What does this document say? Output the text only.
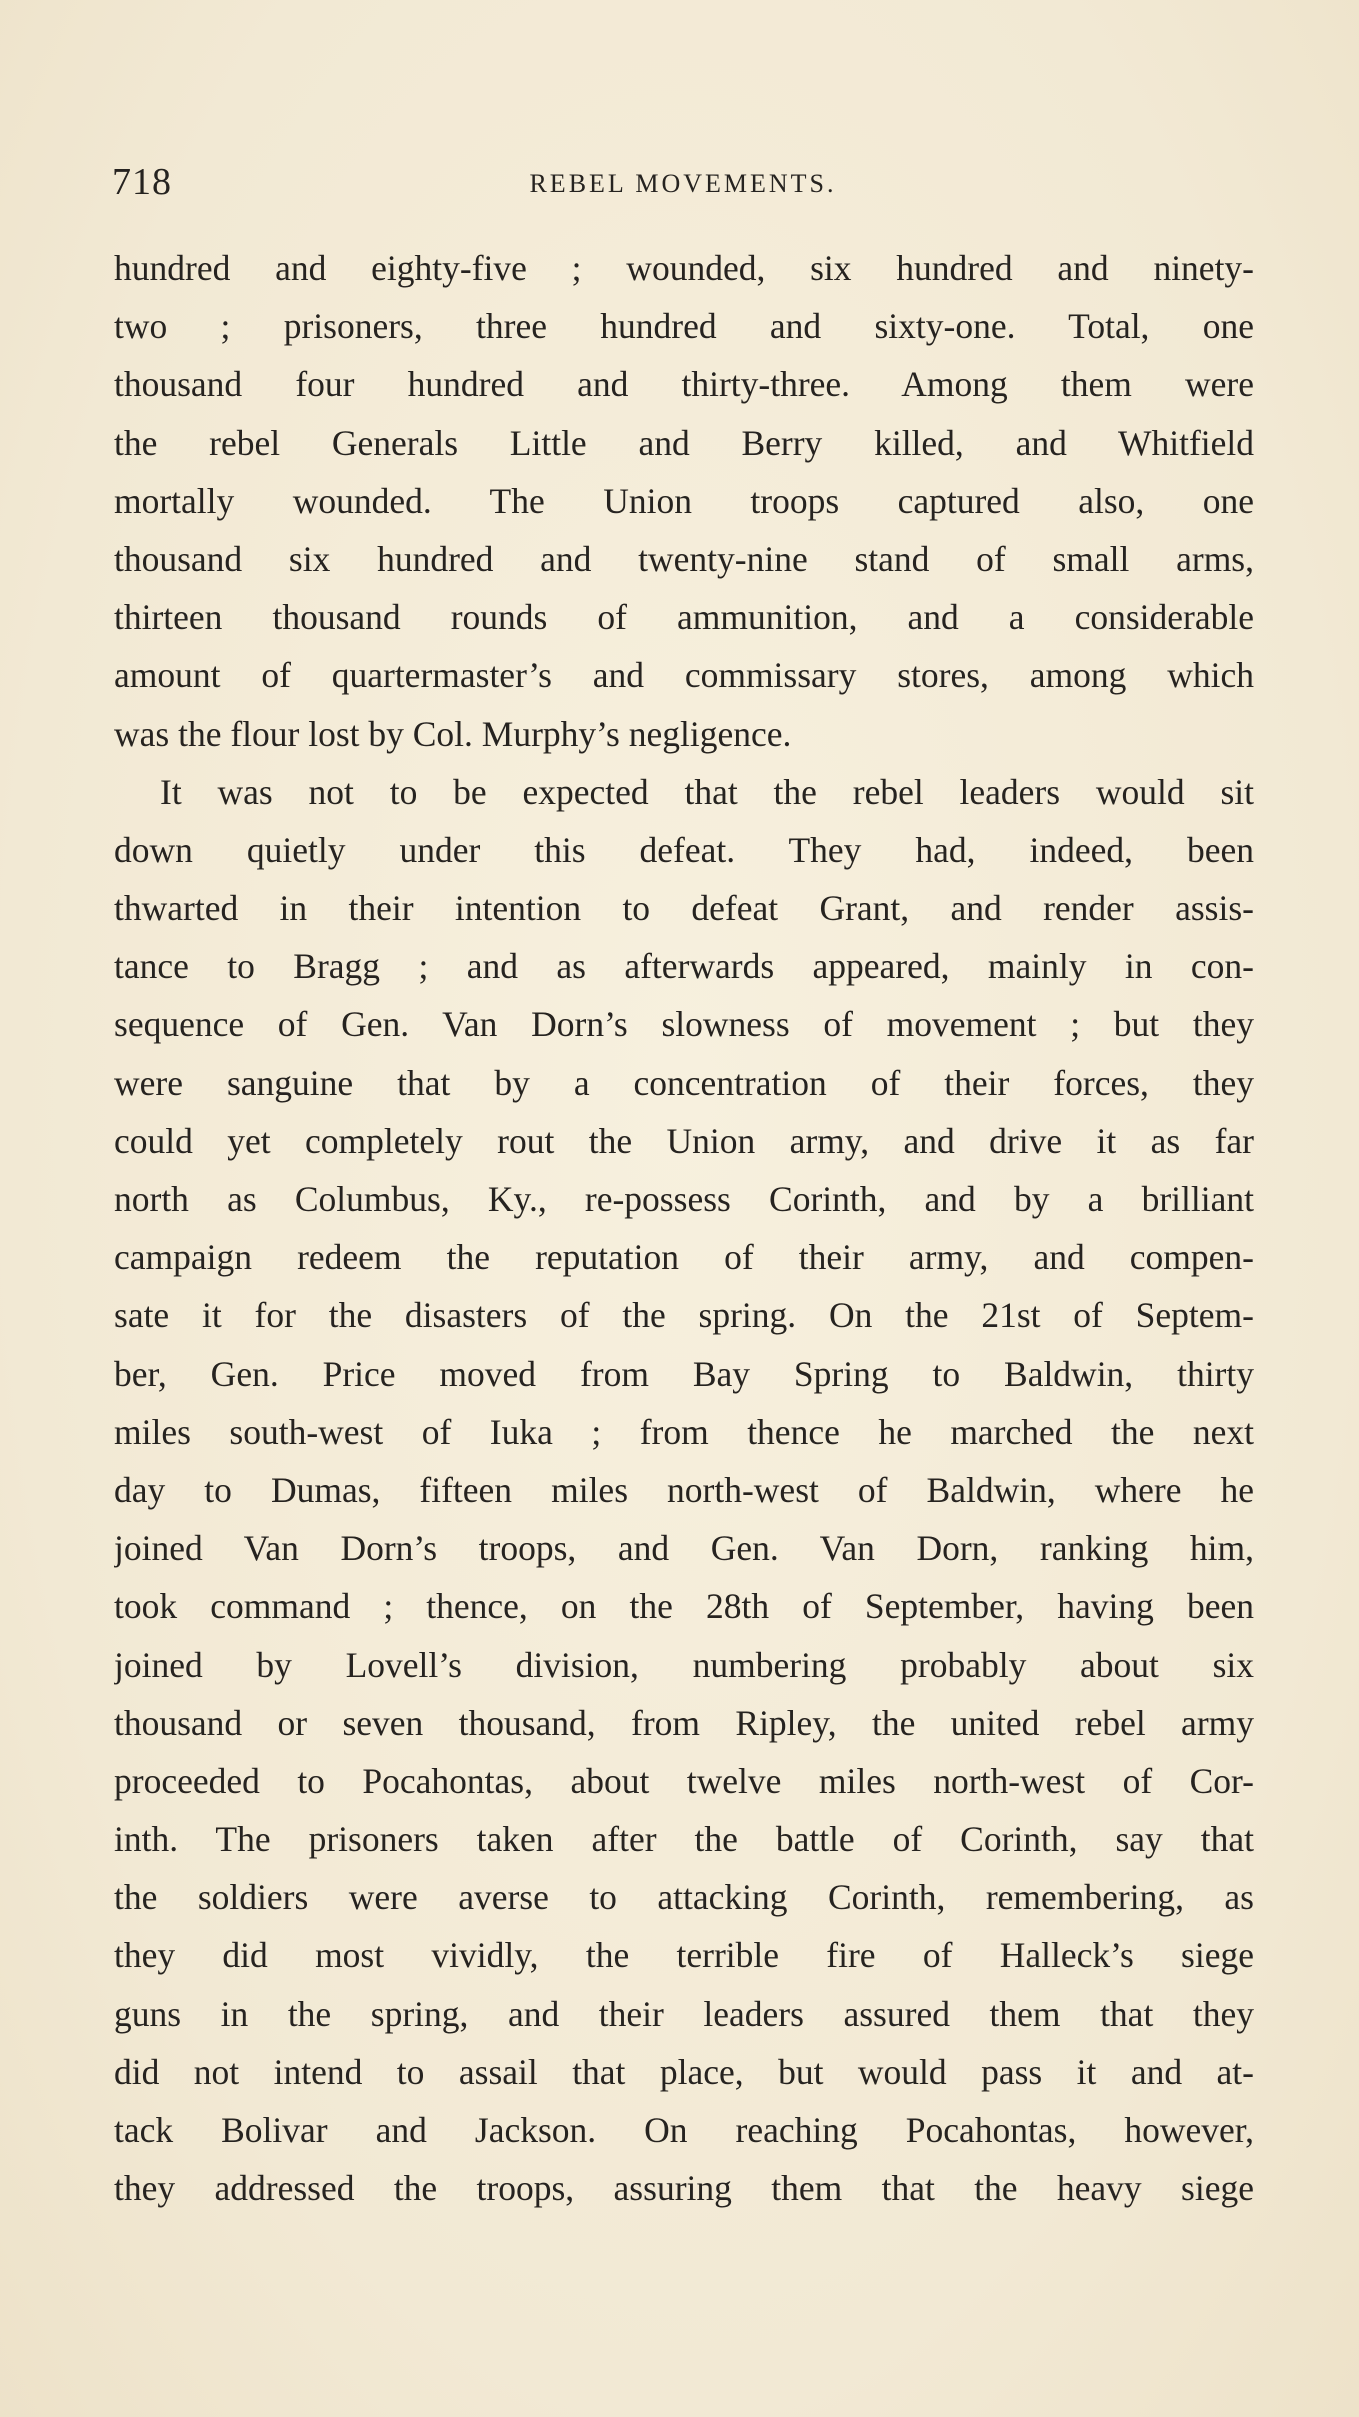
718	REBEL MOVEMENTS.
hundred and eighty-five ; wounded, six hundred and ninety-
two ; prisoners, three hundred and sixty-one. Total, one
thousand four hundred and thirty-three. Among them were
the rebel Generals Little and Berry killed, and Whitfield
mortally wounded. The Union troops captured also, one
thousand six hundred and twenty-nine stand of small arms,
thirteen thousand rounds of ammunition, and a considerable
amount of quartermaster’s and commissary stores, among which
was the flour lost by Col. Murphy’s negligence.
It was not to be expected that the rebel leaders would sit
down quietly under this defeat. They had, indeed, been
thwarted in their intention to defeat Grant, and render assis-
tance to Bragg ; and as afterwards appeared, mainly in con-
sequence of Gen. Van Dorn’s slowness of movement ; but they
were sanguine that by a concentration of their forces, they
could yet completely rout the Union army, and drive it as far
north as Columbus, Ky., re-possess Corinth, and by a brilliant
campaign redeem the reputation of their army, and compen-
sate it for the disasters of the spring. On the 21st of Septem-
ber, Gen. Price moved from Bay Spring to Baldwin, thirty
miles south-west of Iuka ; from thence he marched the next
day to Dumas, fifteen miles north-west of Baldwin, where he
joined Van Dorn’s troops, and Gen. Van Dorn, ranking him,
took command ; thence, on the 28th of September, having been
joined by Lovell’s division, numbering probably about six
thousand or seven thousand, from Ripley, the united rebel army
proceeded to Pocahontas, about twelve miles north-west of Cor-
inth. The prisoners taken after the battle of Corinth, say that
the soldiers were averse to attacking Corinth, remembering, as
they did most vividly, the terrible fire of Halleck’s siege
guns in the spring, and their leaders assured them that they
did not intend to assail that place, but would pass it and at-
tack Bolivar and Jackson. On reaching Pocahontas, however,
they addressed the troops, assuring them that the heavy siege
